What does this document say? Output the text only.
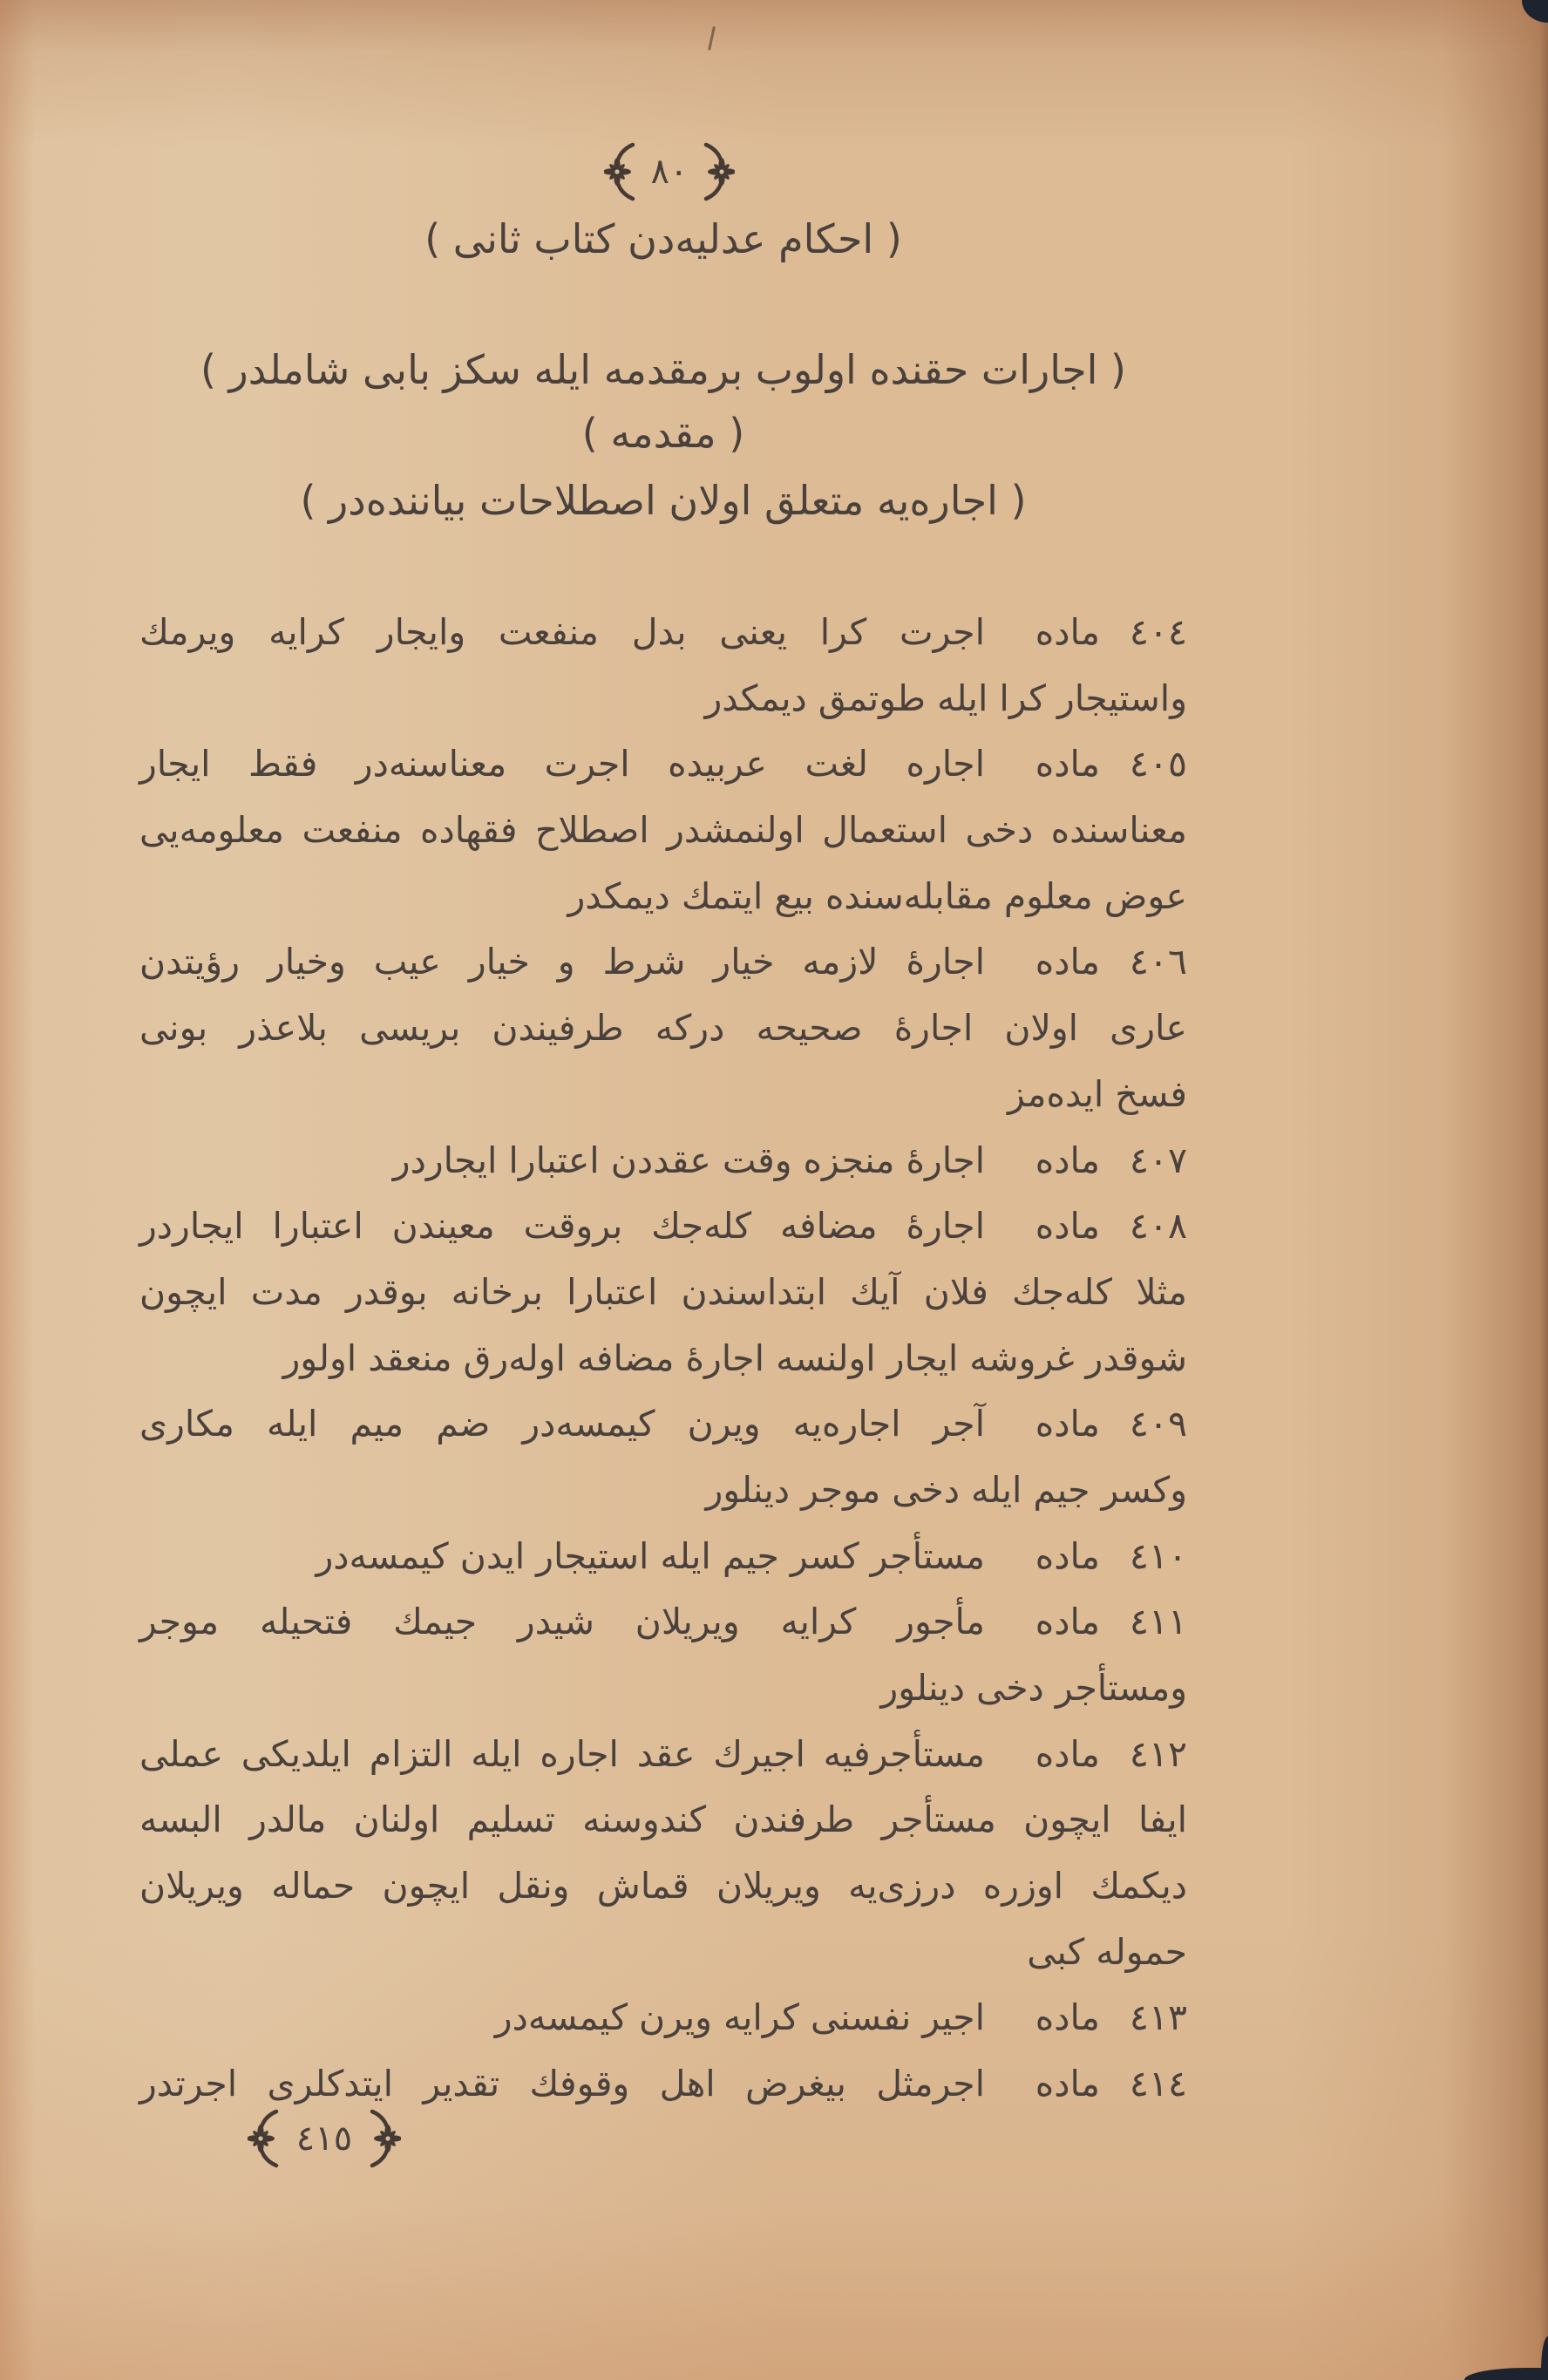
٨٠
( احكام عدليه‌دن كتاب ثانى )
( اجارات حقنده اولوب برمقدمه ايله سكز بابى شاملدر )
( مقدمه )
( اجاره‌يه متعلق اولان اصطلاحات بياننده‌در )
٤٠٤
ماده
اجرت كرا يعنى بدل منفعت وايجار كرايه ويرمك
واستيجار كرا ايله طوتمق ديمكدر
٤٠٥
ماده
اجاره لغت عربيده اجرت معناسنه‌در فقط ايجار
معناسنده دخى استعمال اولنمشدر اصطلاح فقهاده منفعت معلومه‌يى
عوض معلوم مقابله‌سنده بيع ايتمك ديمكدر
٤٠٦
ماده
اجارهٔ لازمه خيار شرط و خيار عيب وخيار رؤيتدن
عارى اولان اجارهٔ صحيحه دركه طرفيندن بريسى بلاعذر بونى
فسخ ايده‌مز
٤٠٧
ماده
اجارهٔ منجزه وقت عقددن اعتبارا ايجاردر
٤٠٨
ماده
اجارهٔ مضافه كله‌جك بروقت معيندن اعتبارا ايجاردر
مثلا كله‌جك فلان آيك ابتداسندن اعتبارا برخانه بوقدر مدت ايچون
شوقدر غروشه ايجار اولنسه اجارهٔ مضافه اوله‌رق منعقد اولور
٤٠٩
ماده
آجر اجاره‌يه ويرن كيمسه‌در ضم ميم ايله مكارى
وكسر جيم ايله دخى موجر دينلور
٤١٠
ماده
مستأجر كسر جيم ايله استيجار ايدن كيمسه‌در
٤١١
ماده
مأجور كرايه ويريلان شيدر جيمك فتحيله موجر
ومستأجر دخى دينلور
٤١٢
ماده
مستأجرفيه اجيرك عقد اجاره ايله التزام ايلديكى عملى
ايفا ايچون مستأجر طرفندن كندوسنه تسليم اولنان مالدر البسه
ديكمك اوزره درزى‌يه ويريلان قماش ونقل ايچون حماله ويريلان
حموله كبى
٤١٣
ماده
اجير نفسنى كرايه ويرن كيمسه‌در
٤١٤
ماده
اجرمثل بيغرض اهل وقوفك تقدير ايتدكلرى اجرتدر
٤١٥
